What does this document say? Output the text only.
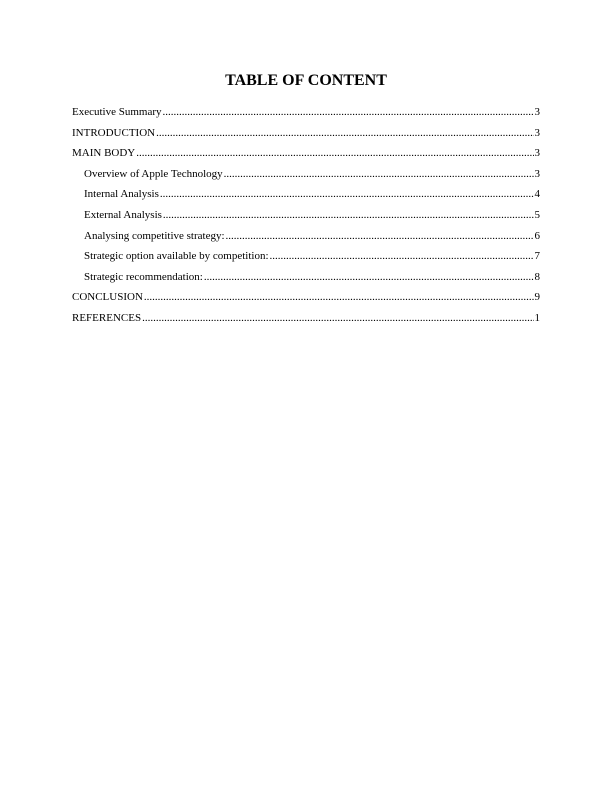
TABLE OF CONTENT
Executive Summary .....	3
INTRODUCTION .....	3
MAIN BODY .....	3
Overview of Apple Technology .....	3
Internal Analysis .....	4
External Analysis .....	5
Analysing competitive strategy: .....	6
Strategic option available by competition: .....	7
Strategic recommendation: .....	8
CONCLUSION .....	9
REFERENCES .....	1
